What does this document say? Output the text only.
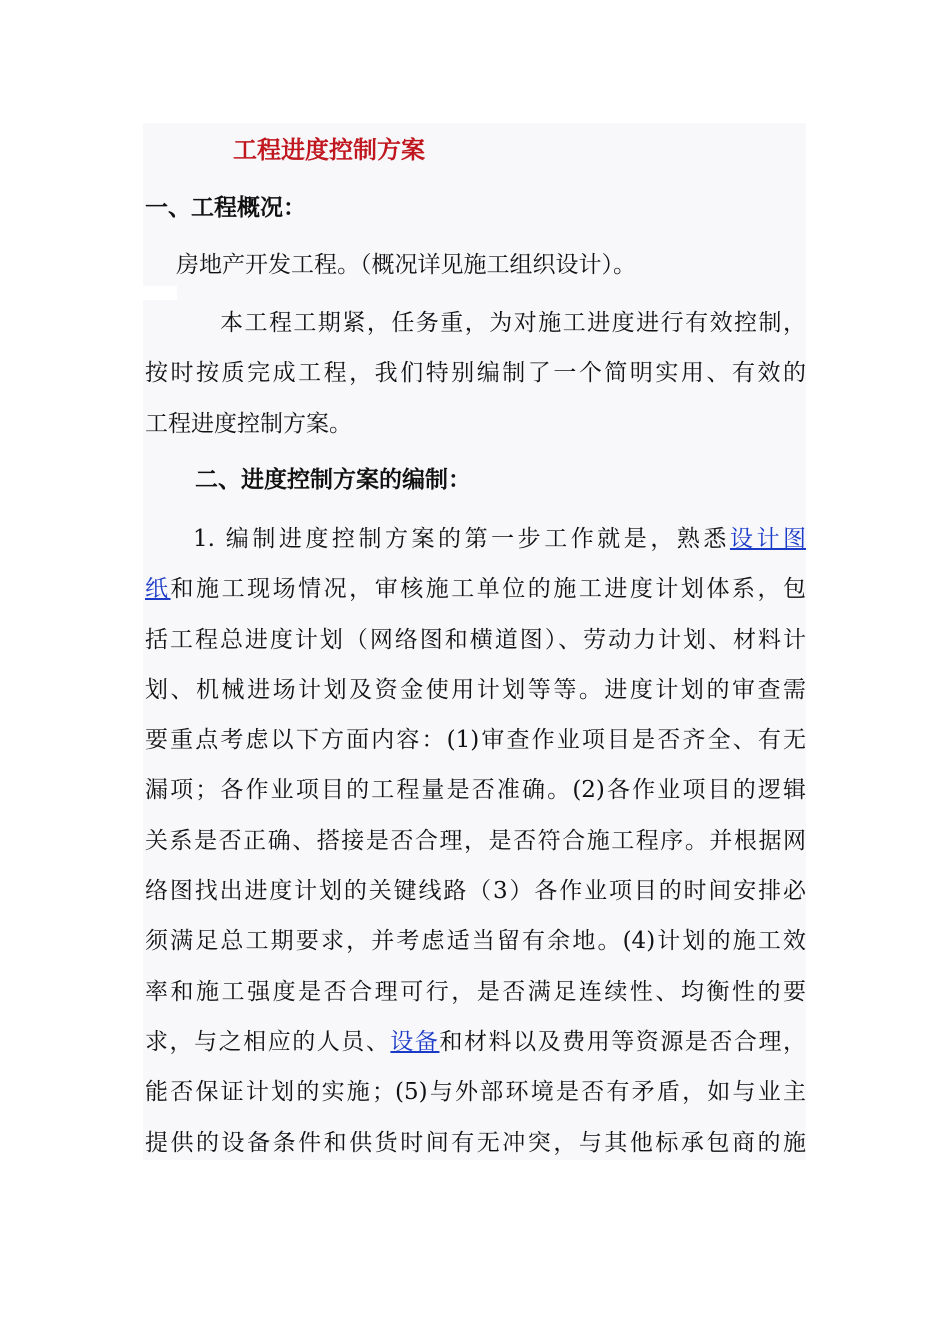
工程进度控制方案
一、工程概况：

房地产开发工程。（概况详见施工组织设计）。

本工程工期紧，任务重，为对施工进度进行有效控制，
按时按质完成工程，我们特别编制了一个简明实用、有效的
工程进度控制方案。
二、进度控制方案的编制：
1. 编制进度控制方案的第一步工作就是，熟悉设计图
纸和施工现场情况，审核施工单位的施工进度计划体系，包
括工程总进度计划（网络图和横道图）、劳动力计划、材料计
划、机械进场计划及资金使用计划等等。进度计划的审查需
要重点考虑以下方面内容：(1)审查作业项目是否齐全、有无
漏项；各作业项目的工程量是否准确。(2)各作业项目的逻辑
关系是否正确、搭接是否合理，是否符合施工程序。并根据网
络图找出进度计划的关键线路（3）各作业项目的时间安排必
须满足总工期要求，并考虑适当留有余地。(4)计划的施工效
率和施工强度是否合理可行，是否满足连续性、均衡性的要
求，与之相应的人员、设备和材料以及费用等资源是否合理，
能否保证计划的实施；(5)与外部环境是否有矛盾，如与业主
提供的设备条件和供货时间有无冲突，与其他标承包商的施
